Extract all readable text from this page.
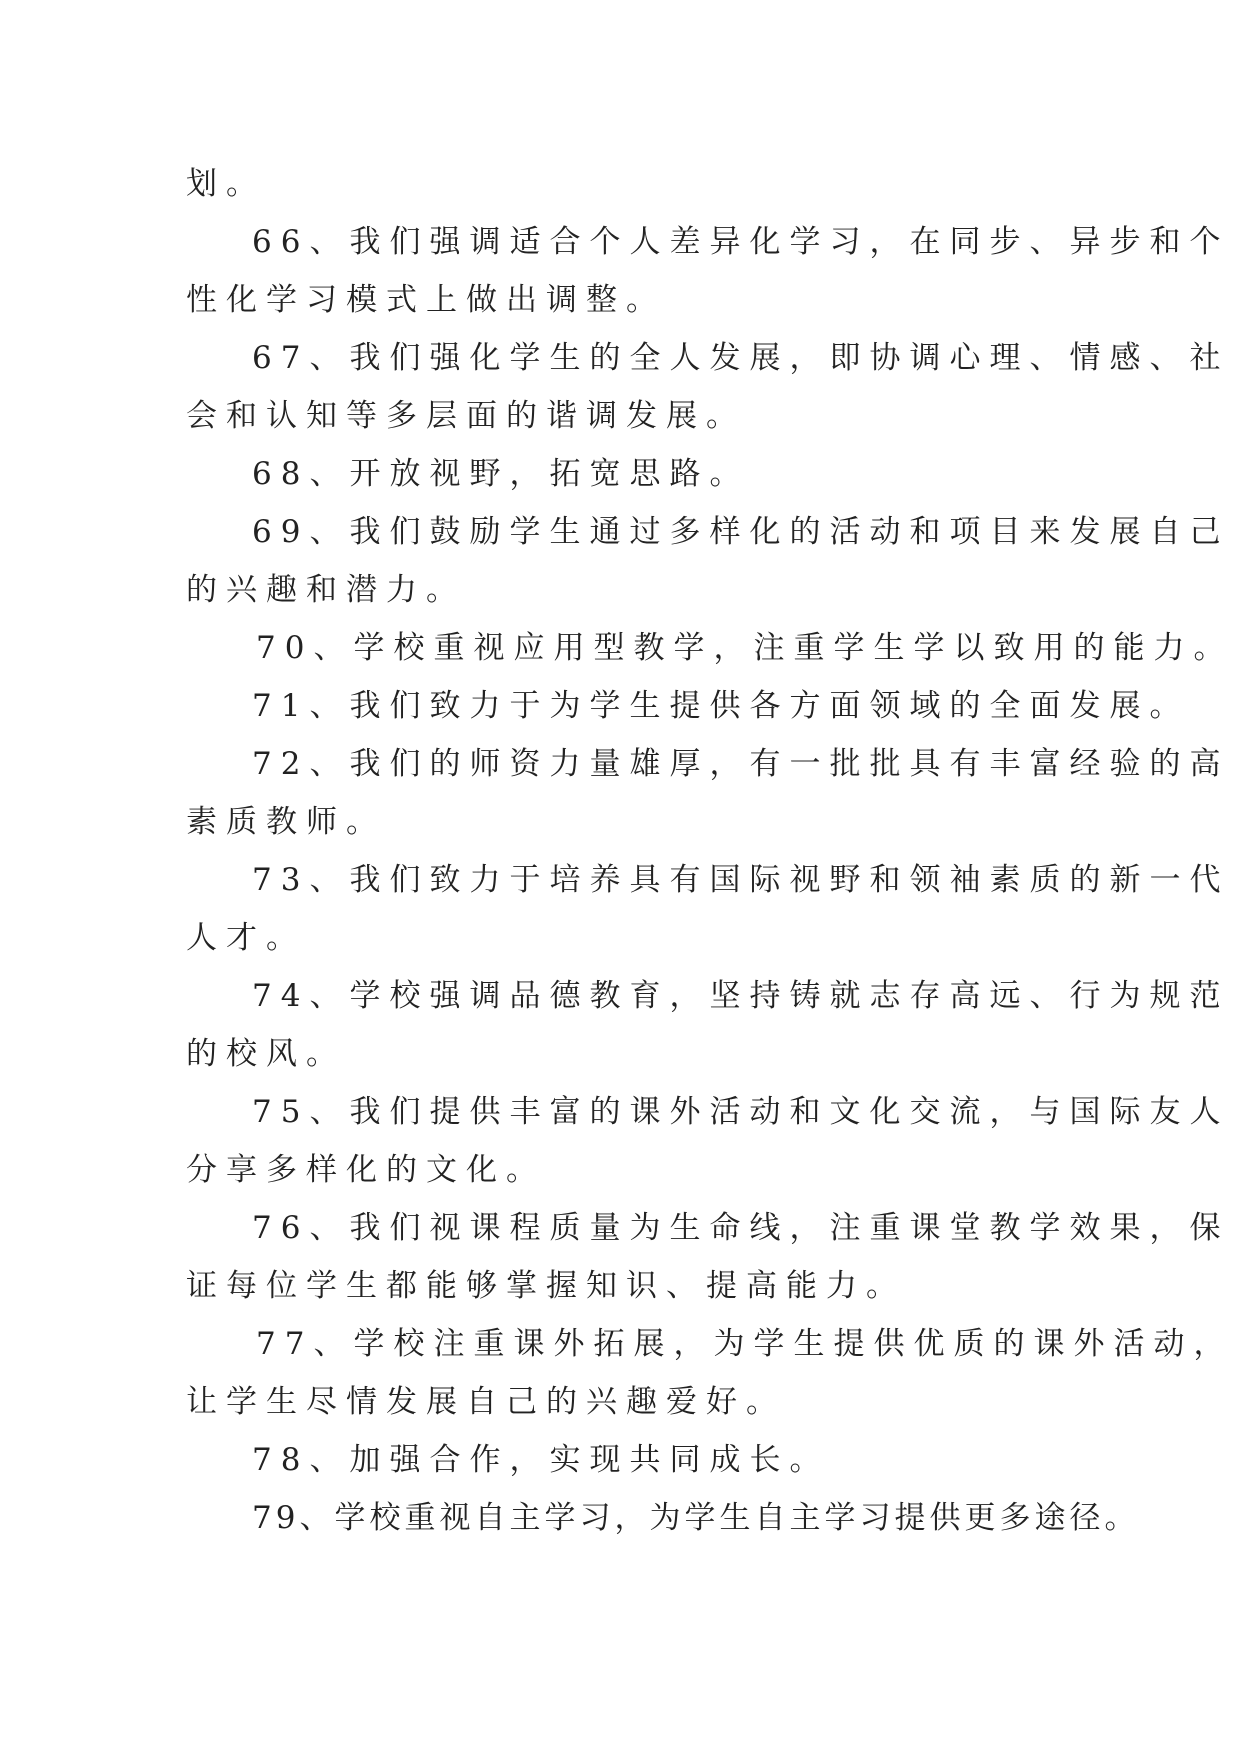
划。
66、我们强调适合个人差异化学习，在同步、异步和个
性化学习模式上做出调整。
67、我们强化学生的全人发展，即协调心理、情感、社
会和认知等多层面的谐调发展。
68、开放视野，拓宽思路。
69、我们鼓励学生通过多样化的活动和项目来发展自己
的兴趣和潜力。
70、学校重视应用型教学，注重学生学以致用的能力。
71、我们致力于为学生提供各方面领域的全面发展。
72、我们的师资力量雄厚，有一批批具有丰富经验的高
素质教师。
73、我们致力于培养具有国际视野和领袖素质的新一代
人才。
74、学校强调品德教育，坚持铸就志存高远、行为规范
的校风。
75、我们提供丰富的课外活动和文化交流，与国际友人
分享多样化的文化。
76、我们视课程质量为生命线，注重课堂教学效果，保
证每位学生都能够掌握知识、提高能力。
77、学校注重课外拓展，为学生提供优质的课外活动，
让学生尽情发展自己的兴趣爱好。
78、加强合作，实现共同成长。
79、学校重视自主学习，为学生自主学习提供更多途径。
